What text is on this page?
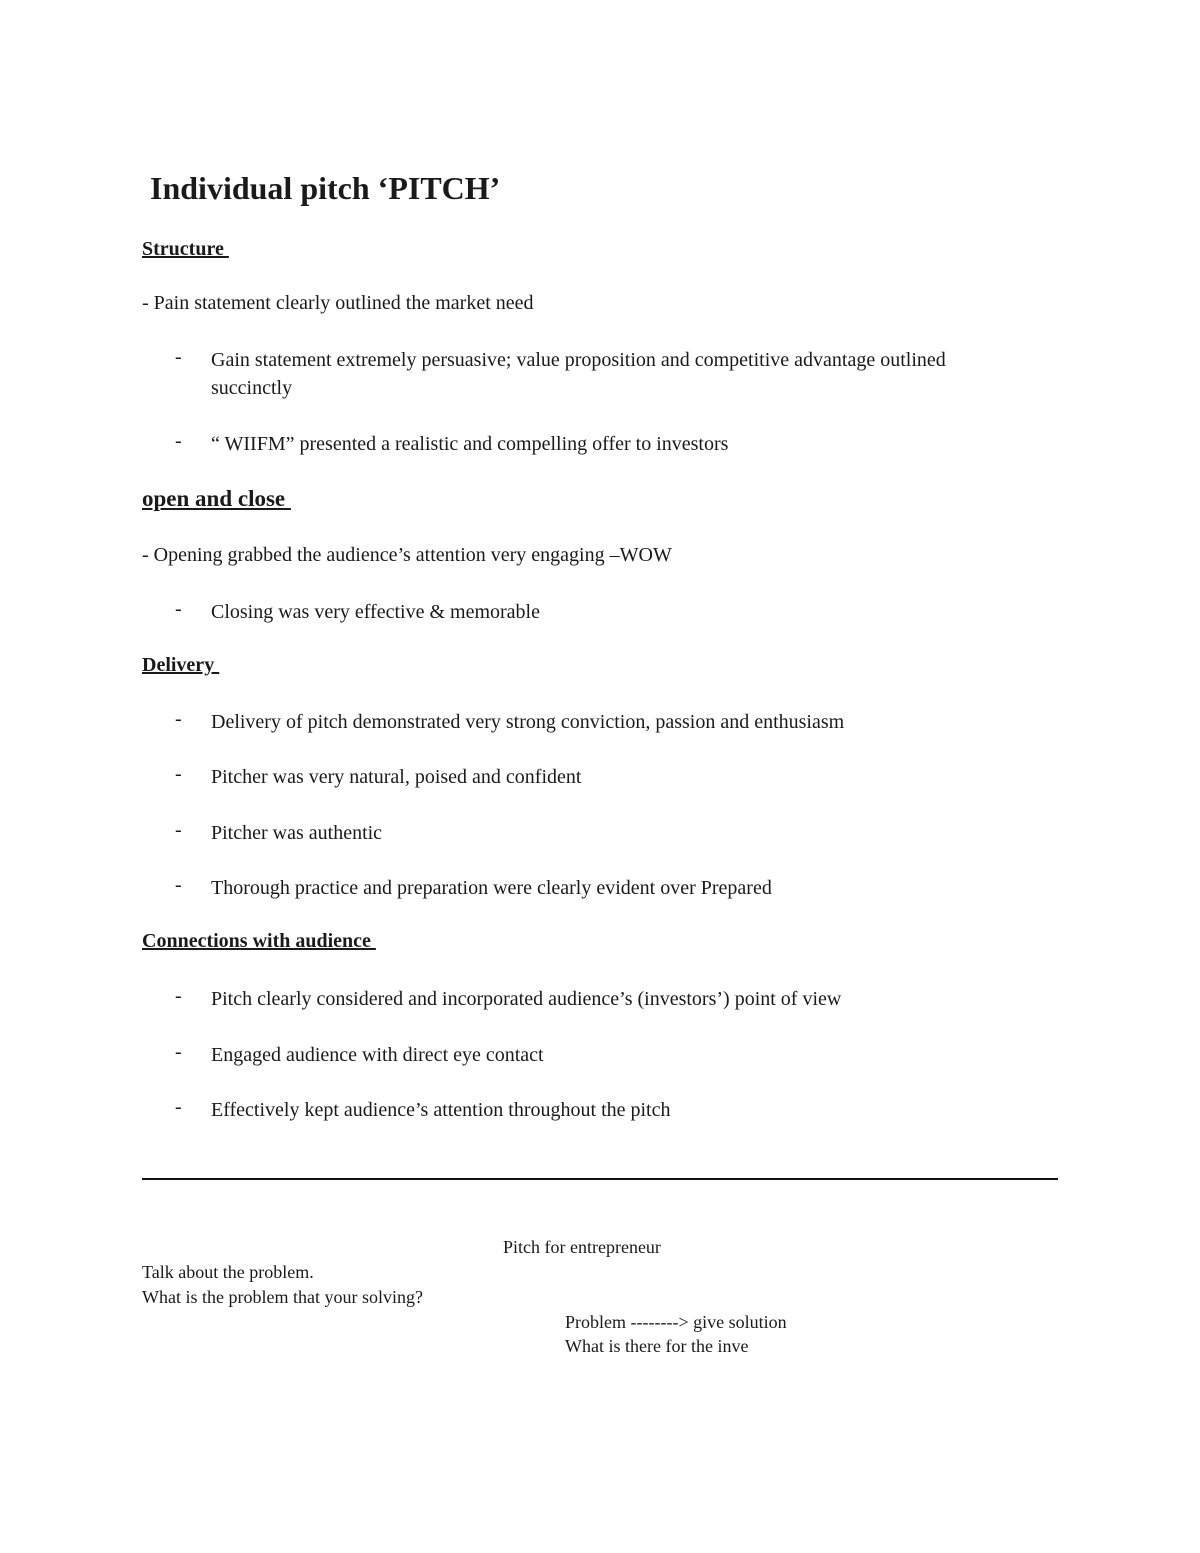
Individual pitch ‘PITCH’
Structure
- Pain statement clearly outlined the market need
- Gain statement extremely persuasive; value proposition and competitive advantage outlined succinctly
- “ WIIFM” presented a realistic and compelling offer to investors
open and close
- Opening grabbed the audience’s attention very engaging –WOW
- Closing was very effective & memorable
Delivery
- Delivery of pitch demonstrated very strong conviction, passion and enthusiasm
- Pitcher was very natural, poised and confident
- Pitcher was authentic
- Thorough practice and preparation were clearly evident over Prepared
Connections with audience
- Pitch clearly considered and incorporated audience’s (investors’) point of view
- Engaged audience with direct eye contact
- Effectively kept audience’s attention throughout the pitch
Pitch for entrepreneur
Talk about the problem.
What is the problem that your solving?
Problem --------> give solution
What is there for the inve
